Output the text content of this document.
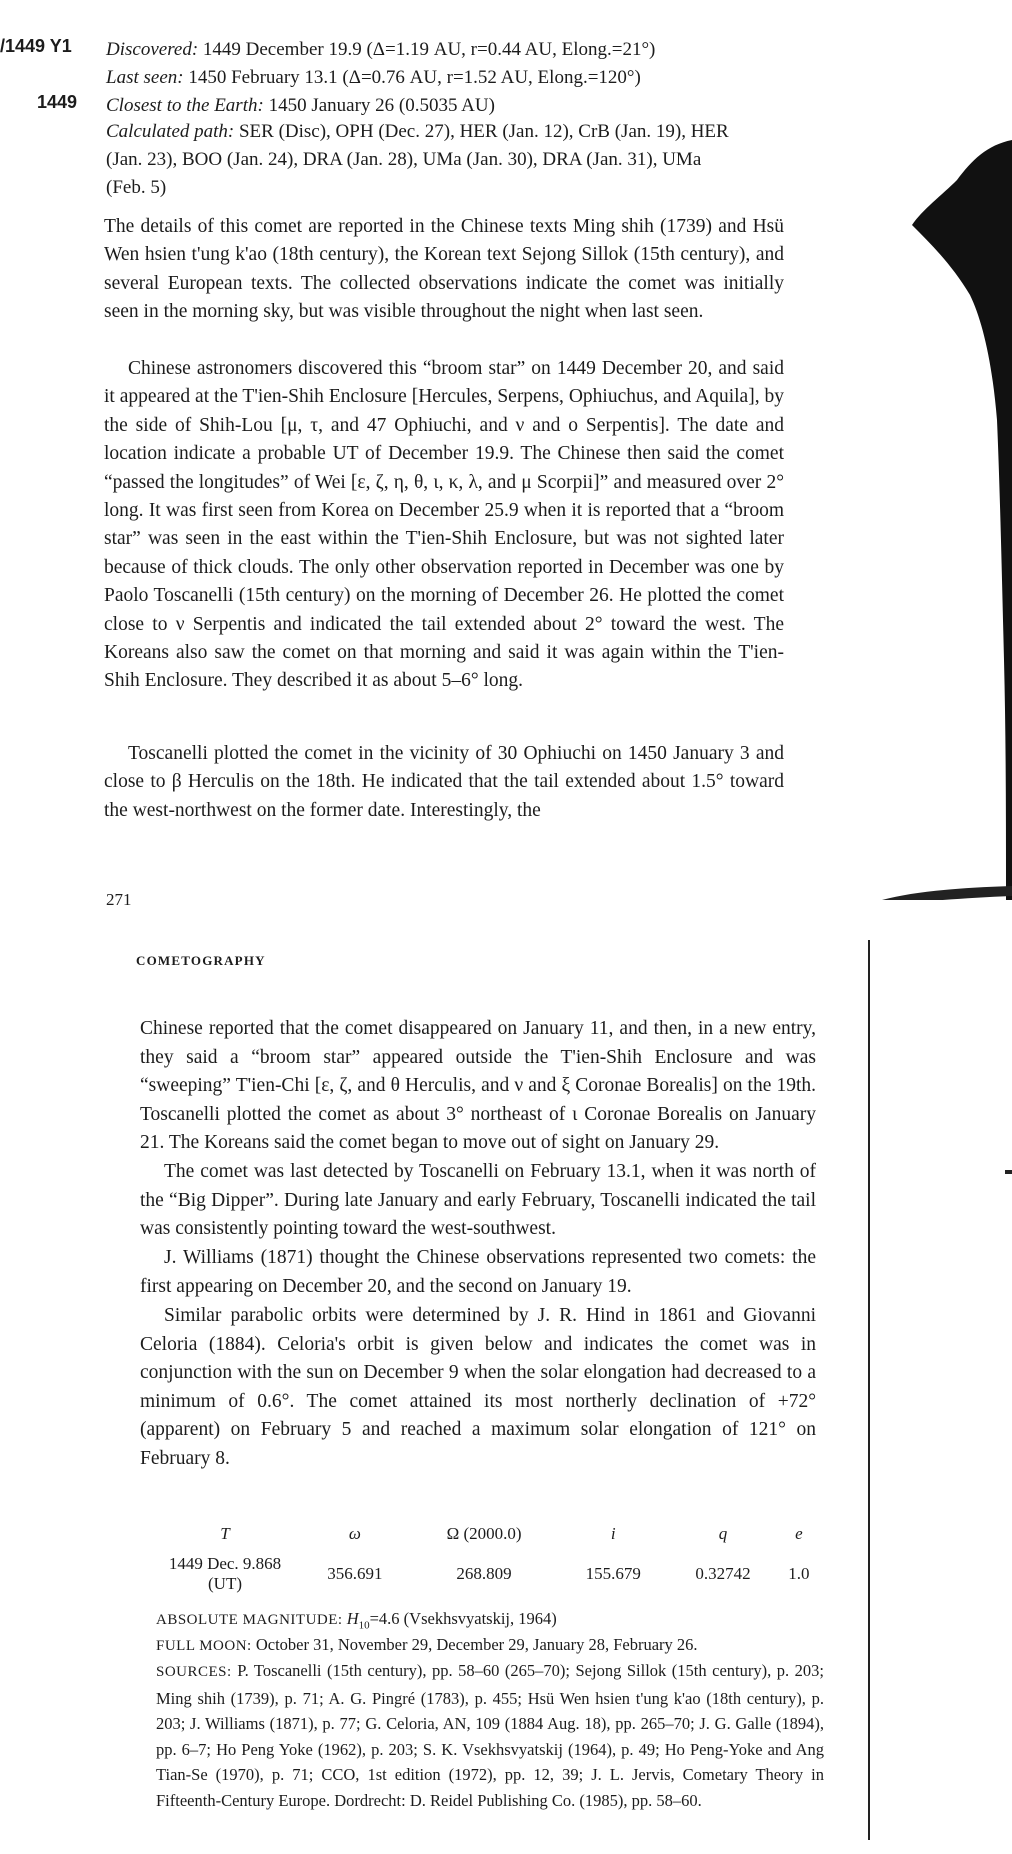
/1449 Y1
1449
Discovered: 1449 December 19.9 (Δ=1.19 AU, r=0.44 AU, Elong.=21°)
Last seen: 1450 February 13.1 (Δ=0.76 AU, r=1.52 AU, Elong.=120°)
Closest to the Earth: 1450 January 26 (0.5035 AU)
Calculated path: SER (Disc), OPH (Dec. 27), HER (Jan. 12), CrB (Jan. 19), HER
(Jan. 23), BOO (Jan. 24), DRA (Jan. 28), UMa (Jan. 30), DRA (Jan. 31), UMa
(Feb. 5)

The details of this comet are reported in the Chinese texts Ming shih (1739) and Hsü Wen hsien t'ung k'ao (18th century), the Korean text Sejong Sillok (15th century), and several European texts. The collected observations indicate the comet was initially seen in the morning sky, but was visible throughout the night when last seen.

Chinese astronomers discovered this “broom star” on 1449 December 20, and said it appeared at the T'ien-Shih Enclosure [Hercules, Serpens, Ophiuchus, and Aquila], by the side of Shih-Lou [μ, τ, and 47 Ophiuchi, and ν and ο Serpentis]. The date and location indicate a probable UT of December 19.9. The Chinese then said the comet “passed the longitudes” of Wei [ε, ζ, η, θ, ι, κ, λ, and μ Scorpii]” and measured over 2° long. It was first seen from Korea on December 25.9 when it is reported that a “broom star” was seen in the east within the T'ien-Shih Enclosure, but was not sighted later because of thick clouds. The only other observation reported in December was one by Paolo Toscanelli (15th century) on the morning of December 26. He plotted the comet close to ν Serpentis and indicated the tail extended about 2° toward the west. The Koreans also saw the comet on that morning and said it was again within the T'ien-Shih Enclosure. They described it as about 5–6° long.

Toscanelli plotted the comet in the vicinity of 30 Ophiuchi on 1450 January 3 and close to β Herculis on the 18th. He indicated that the tail extended about 1.5° toward the west-northwest on the former date. Interestingly, the

271
COMETOGRAPHY

Chinese reported that the comet disappeared on January 11, and then, in a new entry, they said a “broom star” appeared outside the T'ien-Shih Enclosure and was “sweeping” T'ien-Chi [ε, ζ, and θ Herculis, and ν and ξ Coronae Borealis] on the 19th. Toscanelli plotted the comet as about 3° northeast of ι Coronae Borealis on January 21. The Koreans said the comet began to move out of sight on January 29.

The comet was last detected by Toscanelli on February 13.1, when it was north of the “Big Dipper”. During late January and early February, Toscanelli indicated the tail was consistently pointing toward the west-southwest.

J. Williams (1871) thought the Chinese observations represented two comets: the first appearing on December 20, and the second on January 19.

Similar parabolic orbits were determined by J. R. Hind in 1861 and Giovanni Celoria (1884). Celoria's orbit is given below and indicates the comet was in conjunction with the sun on December 9 when the solar elongation had decreased to a minimum of 0.6°. The comet attained its most northerly declination of +72° (apparent) on February 5 and reached a maximum solar elongation of 121° on February 8.

T	ω	Ω (2000.0)	i	q	e
1449 Dec. 9.868 (UT)	356.691	268.809	155.679	0.32742	1.0
ABSOLUTE MAGNITUDE: $H_{10}=4.6$ (Vsekhsvyatskij, 1964)
FULL MOON: October 31, November 29, December 29, January 28, February 26.

SOURCES: P. Toscanelli (15th century), pp. 58–60 (265–70); Sejong Sillok (15th century), p. 203; Ming shih (1739), p. 71; A. G. Pingré (1783), p. 455; Hsü Wen hsien t'ung k'ao (18th century), p. 203; J. Williams (1871), p. 77; G. Celoria, AN, 109 (1884 Aug. 18), pp. 265–70; J. G. Galle (1894), pp. 6–7; Ho Peng Yoke (1962), p. 203; S. K. Vsekhsvyatskij (1964), p. 49; Ho Peng-Yoke and Ang Tian-Se (1970), p. 71; CCO, 1st edition (1972), pp. 12, 39; J. L. Jervis, Cometary Theory in Fifteenth-Century Europe. Dordrecht: D. Reidel Publishing Co. (1985), pp. 58–60.
